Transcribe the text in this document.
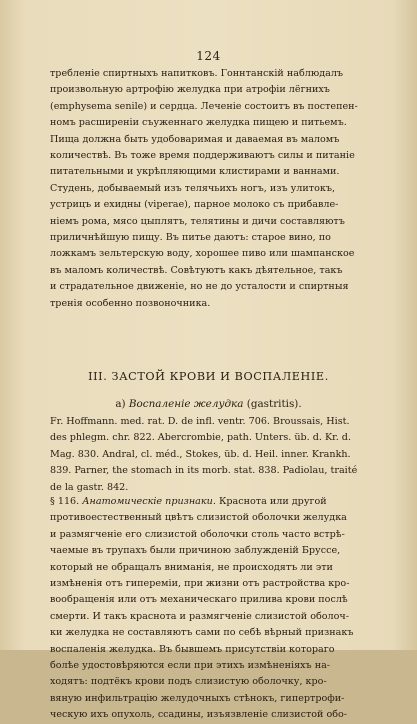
124
требленіе спиртныхъ напитковъ. Гоннтанскій наблюдалъ
произвольную артрофію желудка при атрофіи лёгнихъ
(emphysema senile) и сердца. Леченіе состоитъ въ постепен-
номъ расширеніи съуженнаго желудка пищею и питьемъ.
Пища должна быть удобоваримая и даваемая въ маломъ
количествѣ. Въ тоже время поддерживаютъ силы и питаніе
питательными и укрѣпляющими клистирами и ваннами.
Студень, добываемый изъ телячьихъ ногъ, изъ улитокъ,
устрицъ и ехидны (viperae), парное молоко съ прибавле-
ніемъ рома, мясо цыплятъ, телятины и дичи составляютъ
приличнѣйшую пищу. Въ питье даютъ: старое вино, по
ложкамъ зельтерскую воду, хорошее пиво или шампанское
въ маломъ количествѣ. Совѣтуютъ какъ дѣятельное, такъ
и страдательное движеніе, но не до усталости и спиртныя
тренія особенно позвоночника.
III. ЗАСТОЙ КРОВИ И ВОСПАЛЕНІЕ.
a) Воспаленіе желудка (gastritis).
Fr. Hoffmann. med. rat. D. de infl. ventr. 706. Broussais, Hist.
des phlegm. chr. 822. Abercrombie, path. Unters. üb. d. Kr. d.
Mag. 830. Andral, cl. méd., Stokes, üb. d. Heil. inner. Krankh.
839. Parner, the stomach in its morb. stat. 838. Padiolau, traité
de la gastr. 842.
§ 116. Анатомическіе признаки. Краснота или другой
противоестественный цвѣтъ слизистой оболочки желудка
и размягченіе его слизистой оболочки столь часто встрѣ-
чаемые въ трупахъ были причиною заблужденій Бруссе,
который не обращалъ вниманія, не происходятъ ли эти
измѣненія отъ гипереміи, при жизни отъ растройства кро-
вообращенія или отъ механическаго прилива крови послѣ
смерти. И такъ краснота и размягченіе слизистой оболоч-
ки желудка не составляютъ сами по себѣ вѣрный признакъ
воспаленія желудка. Въ бывшемъ присутствіи котораго
болѣе удостовѣряются если при этихъ измѣненіяхъ на-
ходятъ: подтёкъ крови подъ слизистую оболочку, кро-
вяную инфильтрацію желудочныхъ стѣнокъ, гипертрофи-
ческую ихъ опухоль, ссадины, изъязвленіе слизистой обо-
